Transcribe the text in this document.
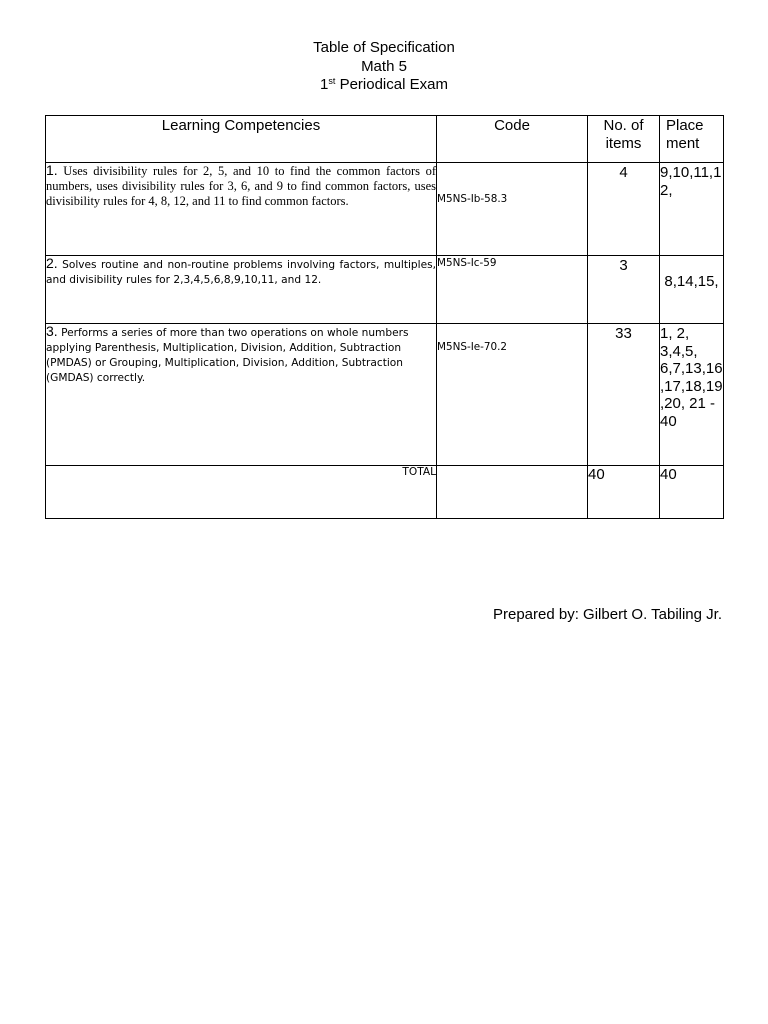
Table of Specification
Math 5
1st Periodical Exam
Learning Competencies	Code	No. of items	Place ment

1. Uses divisibility rules for 2, 5, and 10 to find the common factors of numbers, uses divisibility rules for 3, 6, and 9 to find common factors, uses divisibility rules for 4, 8, 12, and 11 to find common factors.	M5NS-Ib-58.3	4	9,10,11,12,

2. Solves routine and non-routine problems involving factors, multiples, and divisibility rules for 2,3,4,5,6,8,9,10,11, and 12.	M5NS-Ic-59	3	8,14,15,

3. Performs a series of more than two operations on whole numbers applying Parenthesis, Multiplication, Division, Addition, Subtraction (PMDAS) or Grouping, Multiplication, Division, Addition, Subtraction (GMDAS) correctly.	M5NS-Ie-70.2	33	1, 2, 3,4,5, 6,7,13,16,17,18,19,20, 21 - 40
TOTAL		40	40
Prepared by: Gilbert O. Tabiling Jr.
